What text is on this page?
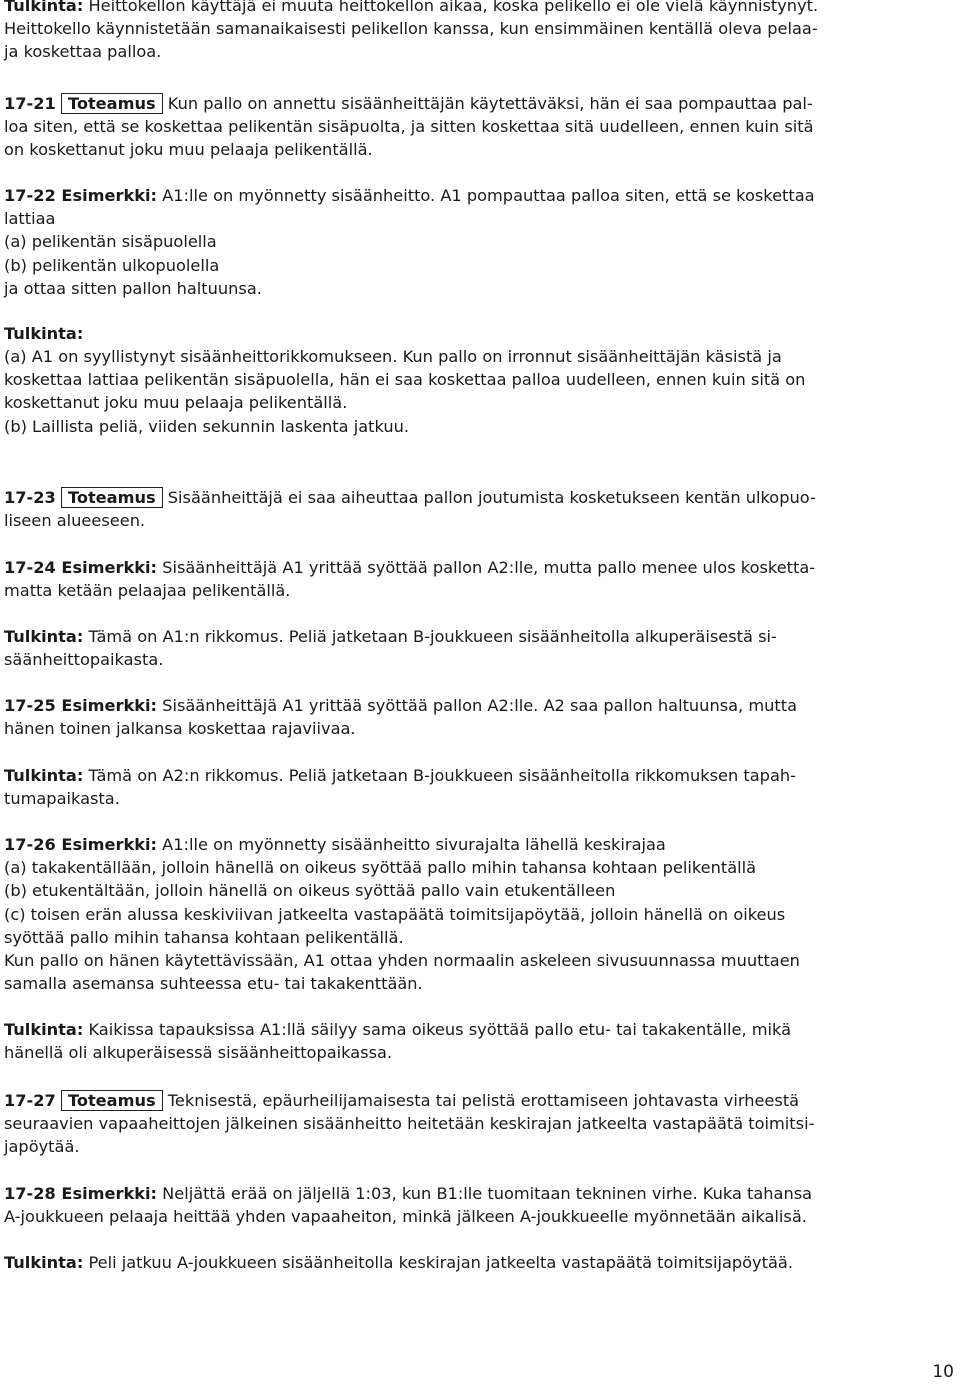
Tulkinta: Heittokellon käyttäjä ei muuta heittokellon aikaa, koska pelikello ei ole vielä käynnistynyt.
Heittokello käynnistetään samanaikaisesti pelikellon kanssa, kun ensimmäinen kentällä oleva pelaa-
ja koskettaa palloa.

17-21 Toteamus Kun pallo on annettu sisäänheittäjän käytettäväksi, hän ei saa pompauttaa pal-
loa siten, että se koskettaa pelikentän sisäpuolta, ja sitten koskettaa sitä uudelleen, ennen kuin sitä
on koskettanut joku muu pelaaja pelikentällä.

17-22 Esimerkki: A1:lle on myönnetty sisäänheitto. A1 pompauttaa palloa siten, että se koskettaa
lattiaa
(a) pelikentän sisäpuolella
(b) pelikentän ulkopuolella
ja ottaa sitten pallon haltuunsa.

Tulkinta:

(a) A1 on syyllistynyt sisäänheittorikkomukseen. Kun pallo on irronnut sisäänheittäjän käsistä ja
koskettaa lattiaa pelikentän sisäpuolella, hän ei saa koskettaa palloa uudelleen, ennen kuin sitä on
koskettanut joku muu pelaaja pelikentällä.
(b) Laillista peliä, viiden sekunnin laskenta jatkuu.

17-23 Toteamus Sisäänheittäjä ei saa aiheuttaa pallon joutumista kosketukseen kentän ulkopuo-
liseen alueeseen.

17-24 Esimerkki: Sisäänheittäjä A1 yrittää syöttää pallon A2:lle, mutta pallo menee ulos kosketta-
matta ketään pelaajaa pelikentällä.

Tulkinta: Tämä on A1:n rikkomus. Peliä jatketaan B-joukkueen sisäänheitolla alkuperäisestä si-
säänheittopaikasta.

17-25 Esimerkki: Sisäänheittäjä A1 yrittää syöttää pallon A2:lle. A2 saa pallon haltuunsa, mutta
hänen toinen jalkansa koskettaa rajaviivaa.

Tulkinta: Tämä on A2:n rikkomus. Peliä jatketaan B-joukkueen sisäänheitolla rikkomuksen tapah-
tumapaikasta.

17-26 Esimerkki: A1:lle on myönnetty sisäänheitto sivurajalta lähellä keskirajaa
(a) takakentällään, jolloin hänellä on oikeus syöttää pallo mihin tahansa kohtaan pelikentällä
(b) etukentältään, jolloin hänellä on oikeus syöttää pallo vain etukentälleen
(c) toisen erän alussa keskiviivan jatkeelta vastapäätä toimitsijapöytää, jolloin hänellä on oikeus
syöttää pallo mihin tahansa kohtaan pelikentällä.
Kun pallo on hänen käytettävissään, A1 ottaa yhden normaalin askeleen sivusuunnassa muuttaen
samalla asemansa suhteessa etu- tai takakenttään.

Tulkinta: Kaikissa tapauksissa A1:llä säilyy sama oikeus syöttää pallo etu- tai takakentälle, mikä
hänellä oli alkuperäisessä sisäänheittopaikassa.

17-27 Toteamus Teknisestä, epäurheilijamaisesta tai pelistä erottamiseen johtavasta virheestä
seuraavien vapaaheittojen jälkeinen sisäänheitto heitetään keskirajan jatkeelta vastapäätä toimitsi-
japöytää.

17-28 Esimerkki: Neljättä erää on jäljellä 1:03, kun B1:lle tuomitaan tekninen virhe. Kuka tahansa
A-joukkueen pelaaja heittää yhden vapaaheiton, minkä jälkeen A-joukkueelle myönnetään aikalisä.

Tulkinta: Peli jatkuu A-joukkueen sisäänheitolla keskirajan jatkeelta vastapäätä toimitsijapöytää.

10
